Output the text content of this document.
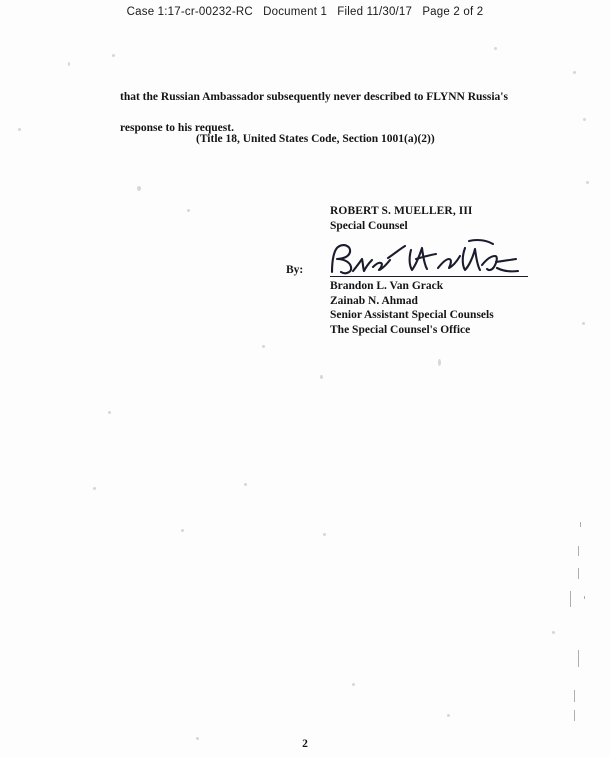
Case 1:17-cr-00232-RC   Document 1   Filed 11/30/17   Page 2 of 2
that the Russian Ambassador subsequently never described to FLYNN Russia's response to his request.
(Title 18, United States Code, Section 1001(a)(2))
ROBERT S. MUELLER, III
Special Counsel
By:
Brandon L. Van Grack
Zainab N. Ahmad
Senior Assistant Special Counsels
The Special Counsel's Office
2
